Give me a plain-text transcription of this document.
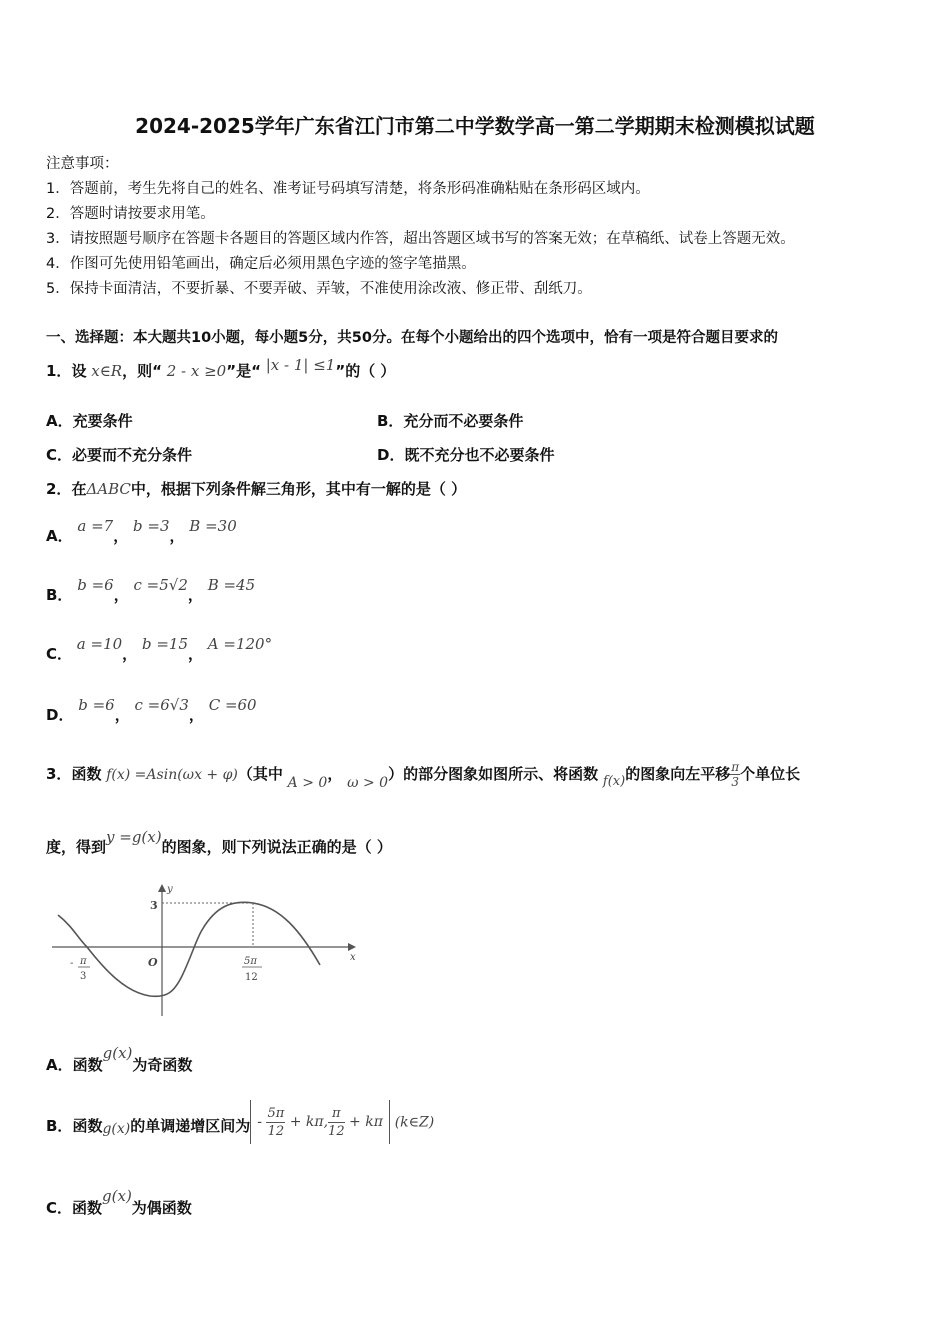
2024-2025学年广东省江门市第二中学数学高一第二学期期末检测模拟试题
注意事项：
1．答题前，考生先将自己的姓名、准考证号码填写清楚，将条形码准确粘贴在条形码区域内。
2．答题时请按要求用笔。
3．请按照题号顺序在答题卡各题目的答题区域内作答，超出答题区域书写的答案无效；在草稿纸、试卷上答题无效。
4．作图可先使用铅笔画出，确定后必须用黑色字迹的签字笔描黑。
5．保持卡面清洁，不要折暴、不要弄破、弄皱，不准使用涂改液、修正带、刮纸刀。
一、选择题：本大题共10小题，每小题5分，共50分。在每个小题给出的四个选项中，恰有一项是符合题目要求的
1．设 x∈R，则“ 2 - x ≥0”是“ |x - 1| ≤1”的（ ）
A．充要条件	B．充分而不必要条件
C．必要而不充分条件	D．既不充分也不必要条件
2．在ΔABC中，根据下列条件解三角形，其中有一解的是（ ）
A． a =7， b =3， B =30
B． b =6， c =5√2， B =45
C． a =10， b =15， A =120°
D． b =6， c =6√3， C =60
3．函数 f(x) =Asin(ωx + φ)（其中 A > 0， ω > 0）的部分图象如图所示、将函数 f(x)的图象向左平移 $\frac{\pi}{3}$ 个单位长
度，得到y =g(x)的图象，则下列说法正确的是（ ）
y
x
3
O
- π
3
5π
12
A．函数g(x)为奇函数
B．函数g(x)的单调递增区间为 - $\frac{5\pi}{12} + k\pi$, $\frac{\pi}{12} + k\pi$ (k∈Z)
C．函数g(x)为偶函数
